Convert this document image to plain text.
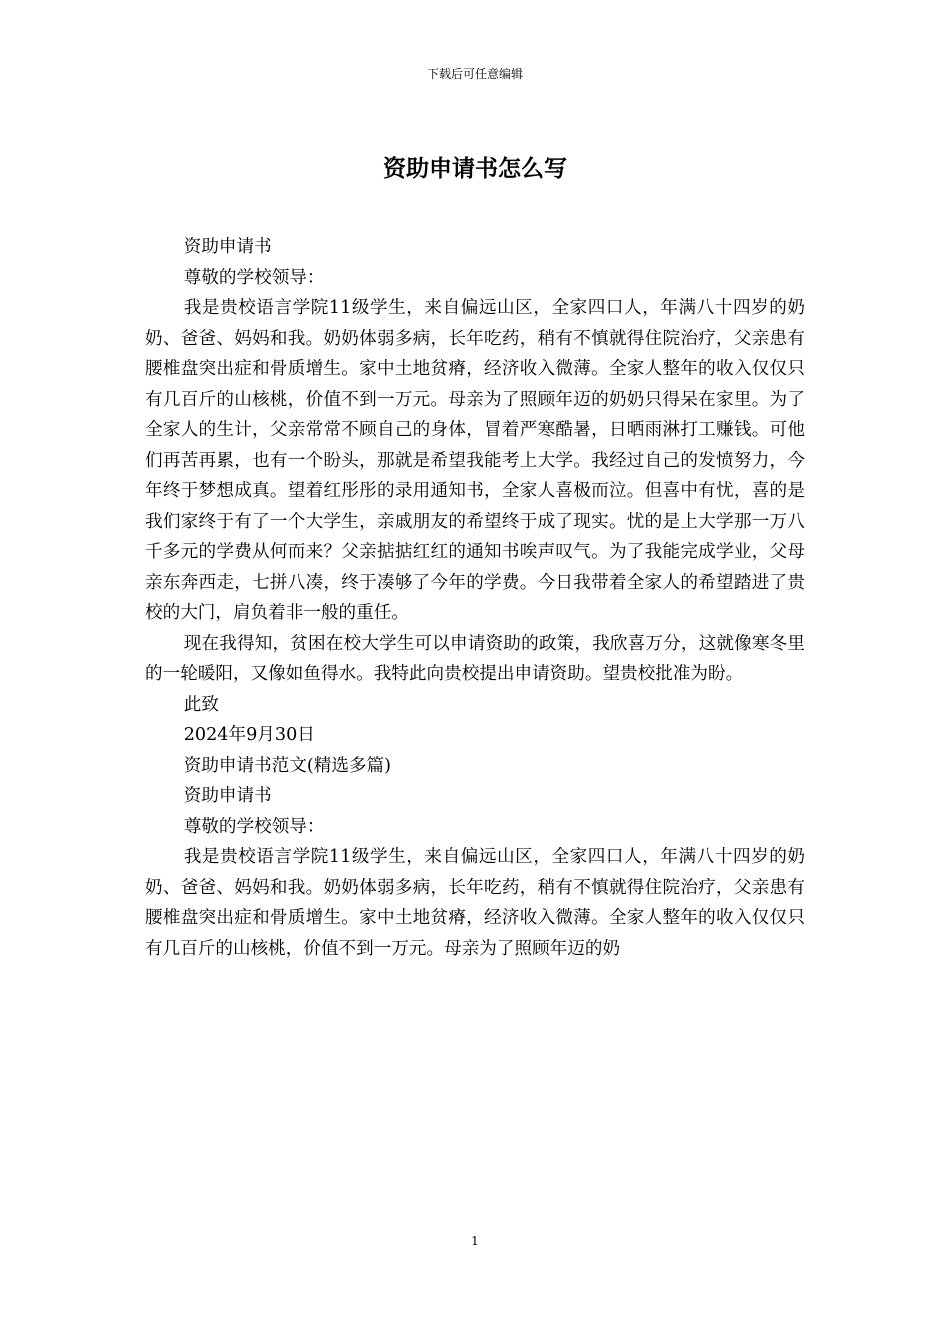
下载后可任意编辑
资助申请书怎么写

资助申请书

尊敬的学校领导：

我是贵校语言学院11级学生，来自偏远山区，全家四口人，年满八十四岁的奶奶、爸爸、妈妈和我。奶奶体弱多病，长年吃药，稍有不慎就得住院治疗，父亲患有腰椎盘突出症和骨质增生。家中土地贫瘠，经济收入微薄。全家人整年的收入仅仅只有几百斤的山核桃，价值不到一万元。母亲为了照顾年迈的奶奶只得呆在家里。为了全家人的生计，父亲常常不顾自己的身体，冒着严寒酷暑，日晒雨淋打工赚钱。可他们再苦再累，也有一个盼头，那就是希望我能考上大学。我经过自己的发愤努力，今年终于梦想成真。望着红彤彤的录用通知书，全家人喜极而泣。但喜中有忧，喜的是我们家终于有了一个大学生，亲戚朋友的希望终于成了现实。忧的是上大学那一万八千多元的学费从何而来？父亲掂掂红红的通知书唉声叹气。为了我能完成学业，父母亲东奔西走，七拼八凑，终于凑够了今年的学费。今日我带着全家人的希望踏进了贵校的大门，肩负着非一般的重任。

现在我得知，贫困在校大学生可以申请资助的政策，我欣喜万分，这就像寒冬里的一轮暖阳，又像如鱼得水。我特此向贵校提出申请资助。望贵校批准为盼。

此致

2024年9月30日

资助申请书范文(精选多篇)

资助申请书

尊敬的学校领导：

我是贵校语言学院11级学生，来自偏远山区，全家四口人，年满八十四岁的奶奶、爸爸、妈妈和我。奶奶体弱多病，长年吃药，稍有不慎就得住院治疗，父亲患有腰椎盘突出症和骨质增生。家中土地贫瘠，经济收入微薄。全家人整年的收入仅仅只有几百斤的山核桃，价值不到一万元。母亲为了照顾年迈的奶

1
